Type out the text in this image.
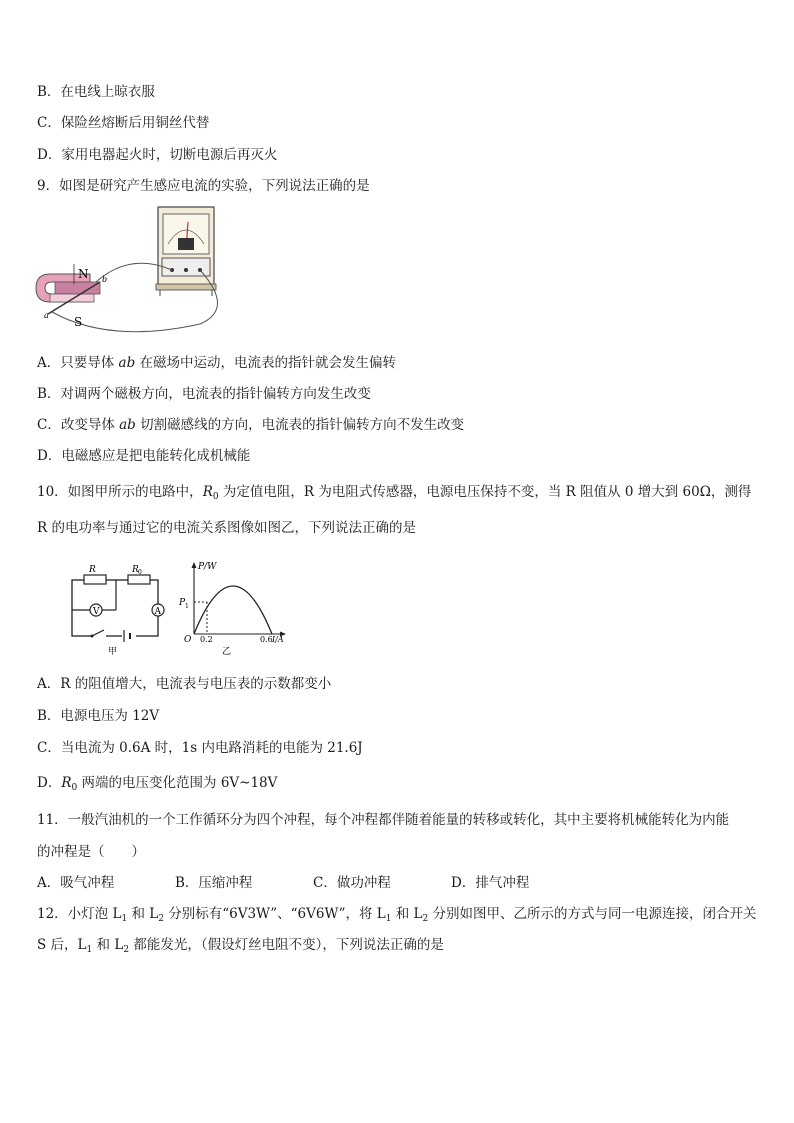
B．在电线上晾衣服
C．保险丝熔断后用铜丝代替
D．家用电器起火时，切断电源后再灭火
9．如图是研究产生感应电流的实验，下列说法正确的是
N
S
a
b
A．只要导体 ab 在磁场中运动，电流表的指针就会发生偏转
B．对调两个磁极方向，电流表的指针偏转方向发生改变
C．改变导体 ab 切割磁感线的方向，电流表的指针偏转方向不发生改变
D．电磁感应是把电能转化成机械能
10．如图甲所示的电路中，$R_0$ 为定值电阻，R 为电阻式传感器，电源电压保持不变，当 R 阻值从 0 增大到 60Ω，测得
R 的电功率与通过它的电流关系图像如图乙，下列说法正确的是
V	A
R	R 0
甲
P/W
P 1
O 0.2	0.6 I/A
乙
A．R 的阻值增大，电流表与电压表的示数都变小
B．电源电压为 12V
C．当电流为 0.6A 时，1s 内电路消耗的电能为 21.6J
D．$R_0$ 两端的电压变化范围为 6V~18V
11．一般汽油机的一个工作循环分为四个冲程，每个冲程都伴随着能量的转移或转化，其中主要将机械能转化为内能
的冲程是（　　）
A．吸气冲程	B．压缩冲程	C．做功冲程	D．排气冲程
12．小灯泡 $L_1$ 和 $L_2$ 分别标有“6V3W”、“6V6W”，将 $L_1$ 和 $L_2$ 分别如图甲、乙所示的方式与同一电源连接，闭合开关
S 后，$L_1$ 和 $L_2$ 都能发光，（假设灯丝电阻不变），下列说法正确的是
